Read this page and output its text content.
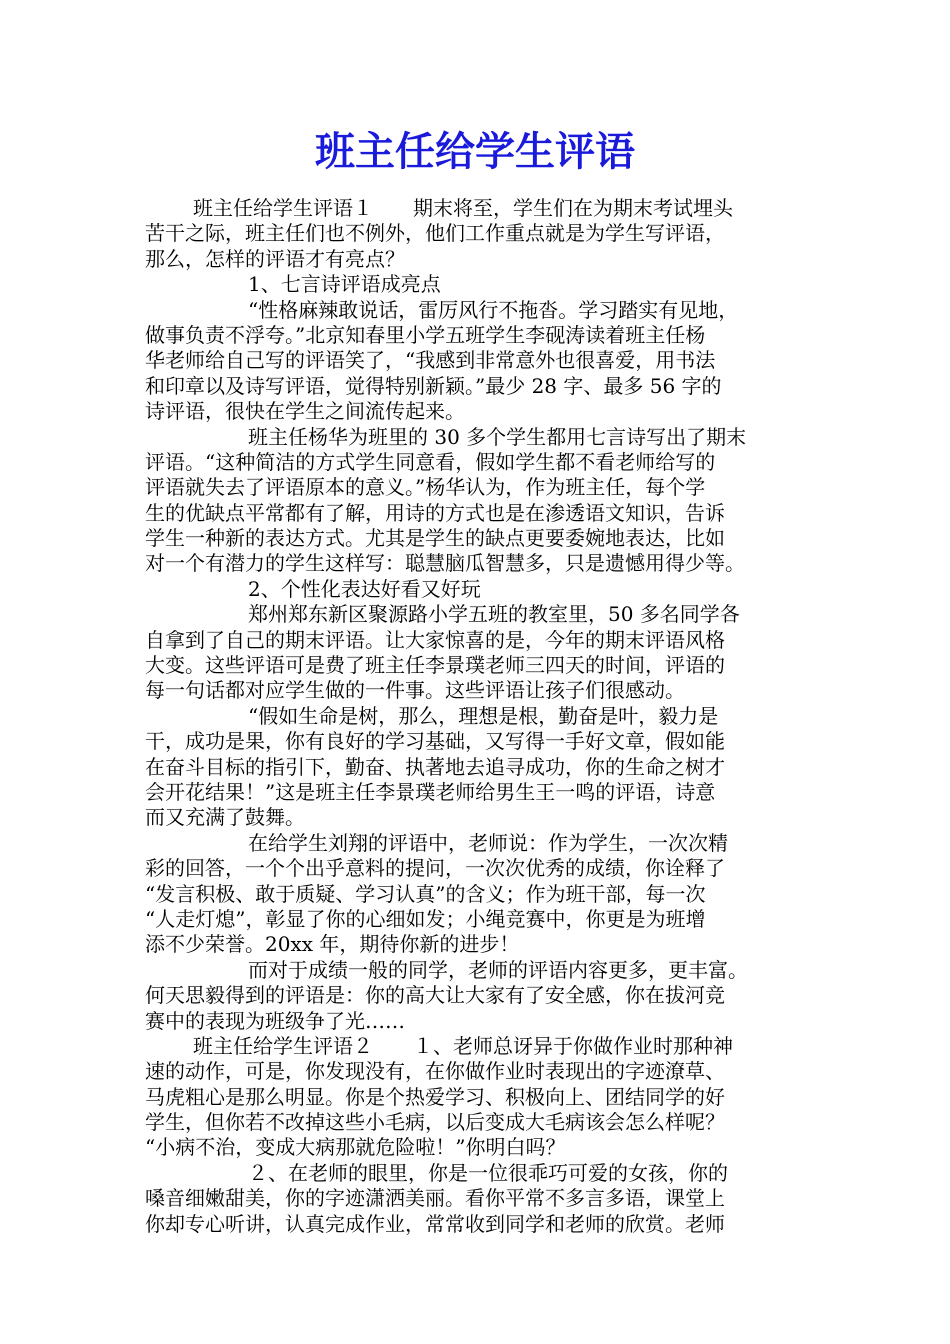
班主任给学生评语
班主任给学生评语１　　期末将至，学生们在为期末考试埋头
苦干之际，班主任们也不例外，他们工作重点就是为学生写评语，
那么，怎样的评语才有亮点？
1、七言诗评语成亮点
“性格麻辣敢说话，雷厉风行不拖沓。学习踏实有见地，
做事负责不浮夸。”北京知春里小学五班学生李砚涛读着班主任杨
华老师给自己写的评语笑了，“我感到非常意外也很喜爱，用书法
和印章以及诗写评语，觉得特别新颖。”最少 28 字、最多 56 字的
诗评语，很快在学生之间流传起来。
班主任杨华为班里的 30 多个学生都用七言诗写出了期末
评语。“这种简洁的方式学生同意看，假如学生都不看老师给写的
评语就失去了评语原本的意义。”杨华认为，作为班主任，每个学
生的优缺点平常都有了解，用诗的方式也是在渗透语文知识，告诉
学生一种新的表达方式。尤其是学生的缺点更要委婉地表达，比如
对一个有潜力的学生这样写：聪慧脑瓜智慧多，只是遗憾用得少等。
2、个性化表达好看又好玩
郑州郑东新区聚源路小学五班的教室里，50 多名同学各
自拿到了自己的期末评语。让大家惊喜的是，今年的期末评语风格
大变。这些评语可是费了班主任李景璞老师三四天的时间，评语的
每一句话都对应学生做的一件事。这些评语让孩子们很感动。
“假如生命是树，那么，理想是根，勤奋是叶，毅力是
干，成功是果，你有良好的学习基础，又写得一手好文章，假如能
在奋斗目标的指引下，勤奋、执著地去追寻成功，你的生命之树才
会开花结果！”这是班主任李景璞老师给男生王一鸣的评语，诗意
而又充满了鼓舞。
在给学生刘翔的评语中，老师说：作为学生，一次次精
彩的回答，一个个出乎意料的提问，一次次优秀的成绩，你诠释了
“发言积极、敢于质疑、学习认真”的含义；作为班干部，每一次
“人走灯熄”，彰显了你的心细如发；小绳竞赛中，你更是为班增
添不少荣誉。20xx 年，期待你新的进步！
而对于成绩一般的同学，老师的评语内容更多，更丰富。
何天思毅得到的评语是：你的高大让大家有了安全感，你在拔河竞
赛中的表现为班级争了光……
班主任给学生评语２　　１、老师总讶异于你做作业时那种神
速的动作，可是，你发现没有，在你做作业时表现出的字迹潦草、
马虎粗心是那么明显。你是个热爱学习、积极向上、团结同学的好
学生，但你若不改掉这些小毛病，以后变成大毛病该会怎么样呢？
“小病不治，变成大病那就危险啦！”你明白吗？
２、在老师的眼里，你是一位很乖巧可爱的女孩，你的
嗓音细嫩甜美，你的字迹潇洒美丽。看你平常不多言多语，课堂上
你却专心听讲，认真完成作业，常常收到同学和老师的欣赏。老师
